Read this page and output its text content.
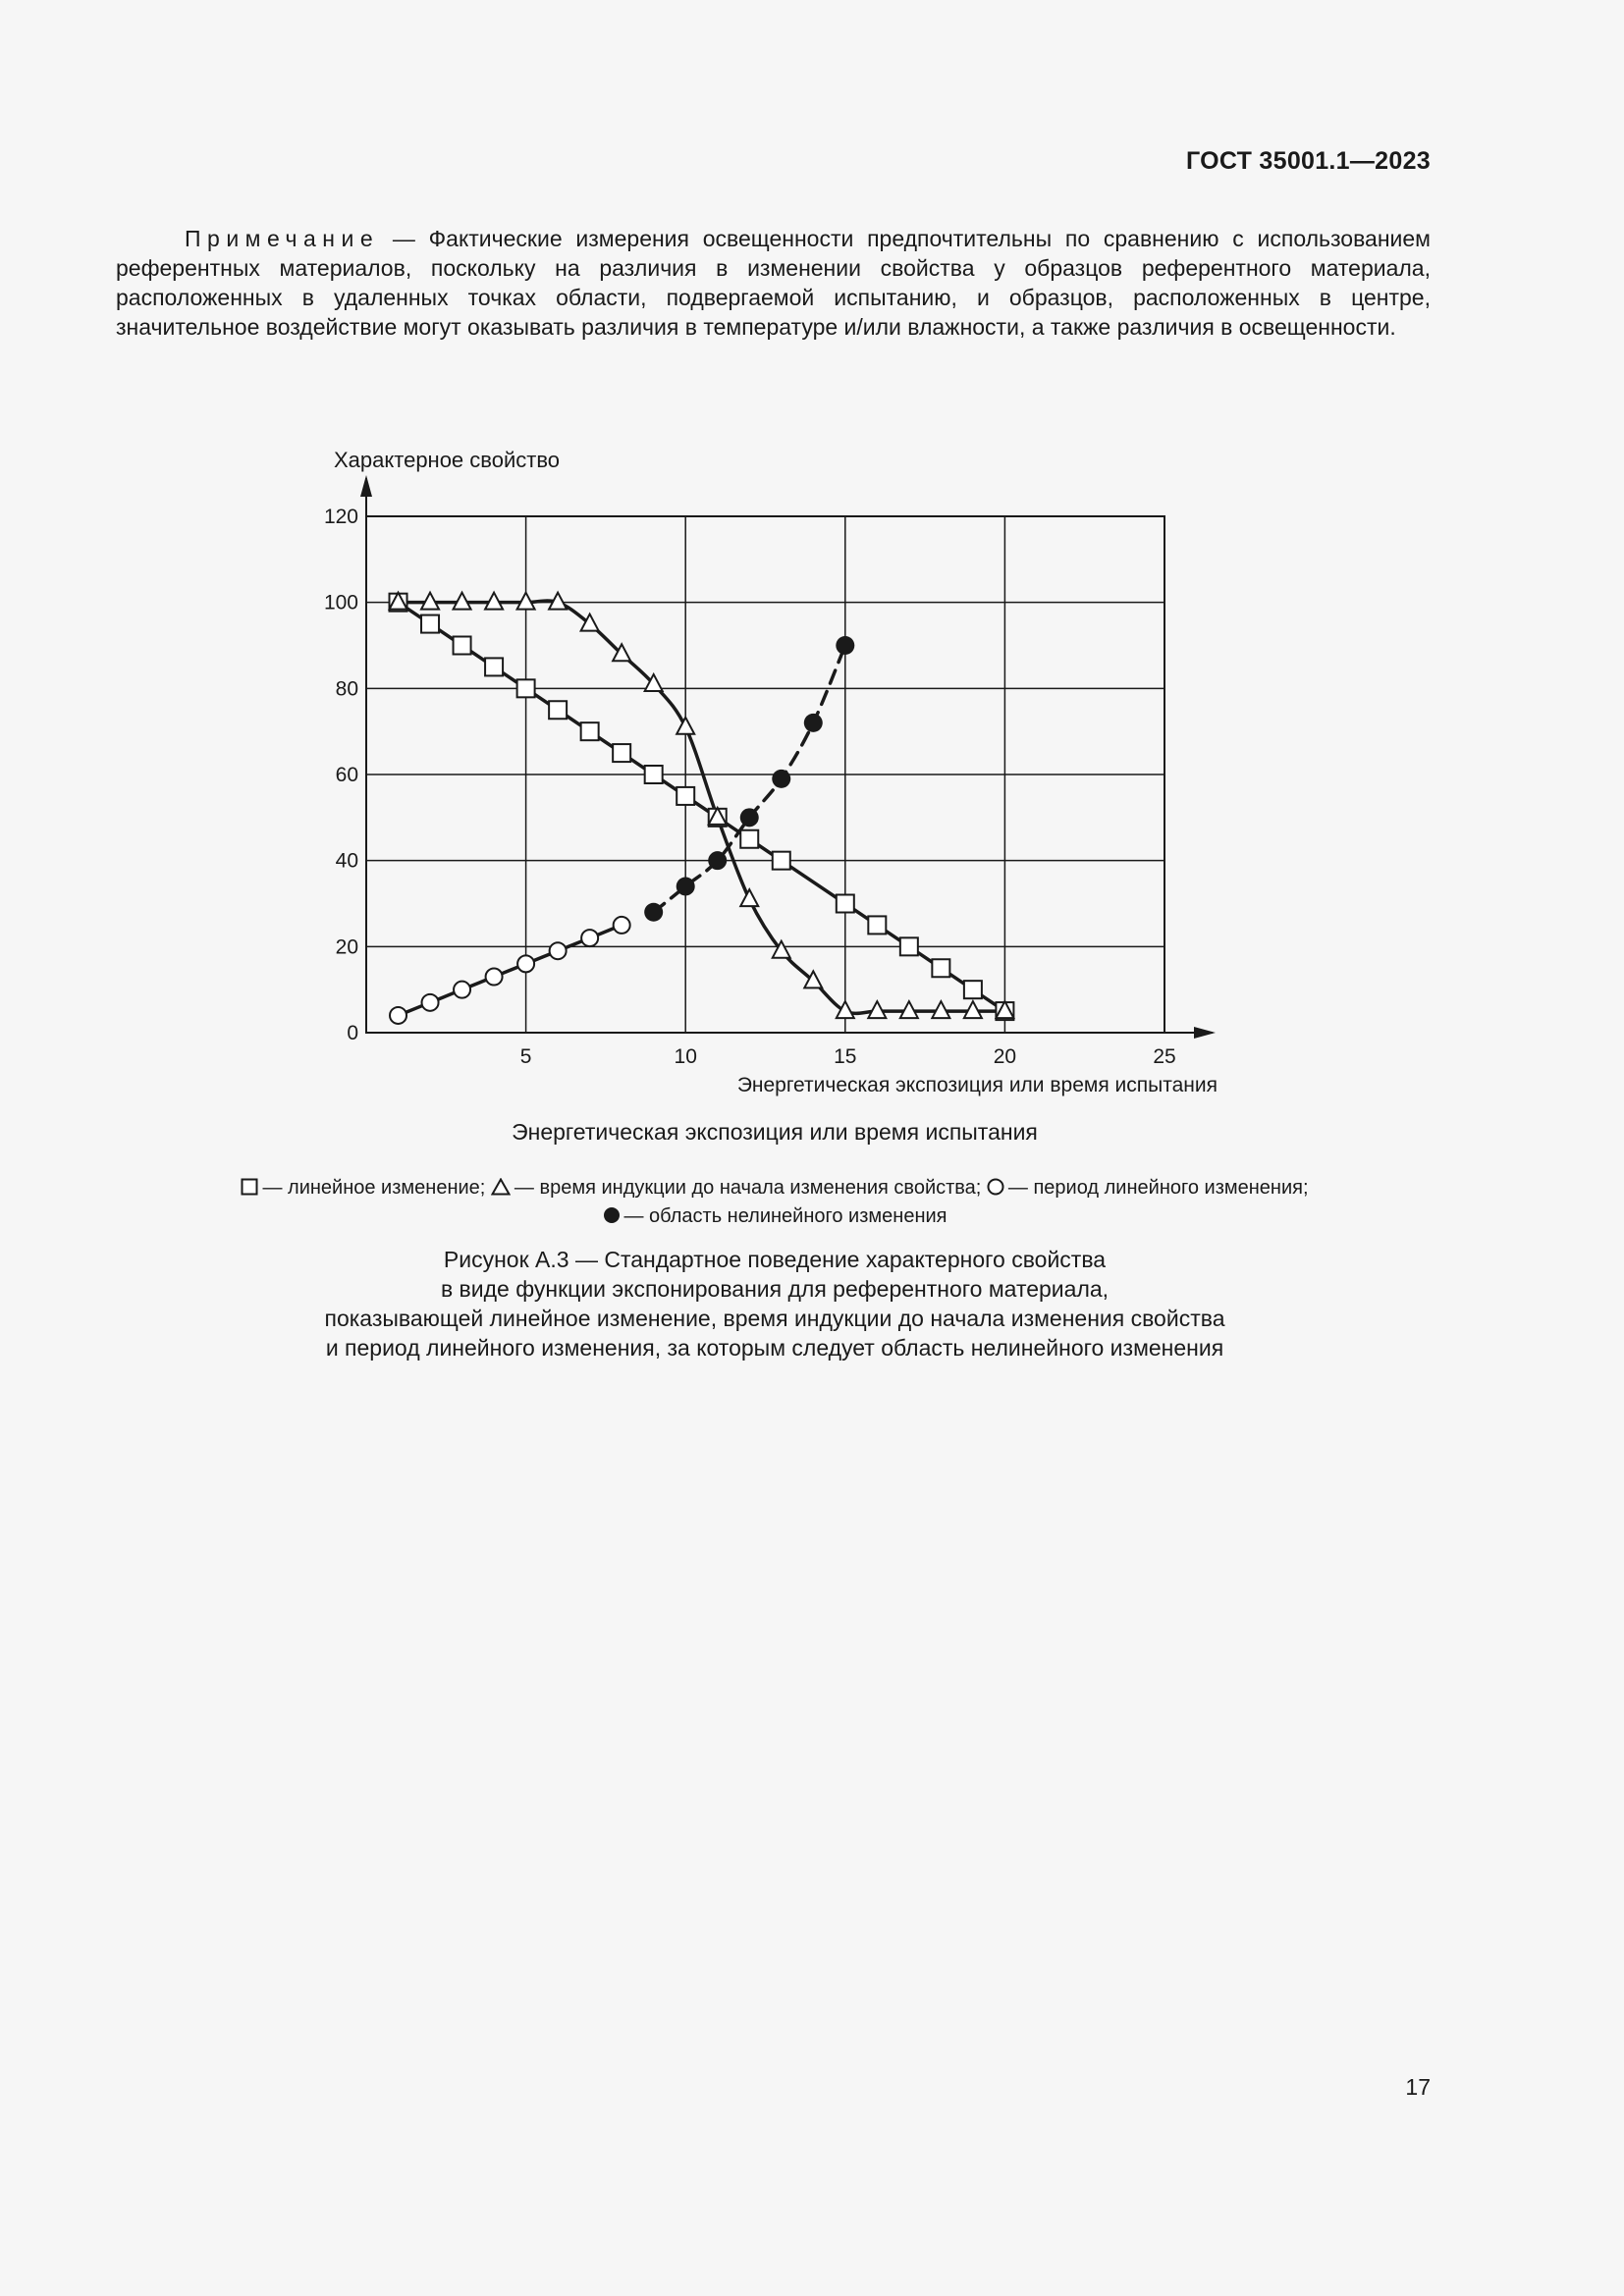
ГОСТ 35001.1—2023
Примечание — Фактические измерения освещенности предпочтительны по сравнению с использованием референтных материалов, поскольку на различия в изменении свойства у образцов референтного материала, расположенных в удаленных точках области, подвергаемой испытанию, и образцов, расположенных в центре, значительное воздействие могут оказывать различия в температуре и/или влажности, а также различия в освещенности.
0
20
40
60
80
100
120
5	10	15	20	25
Характерное свойство
Энергетическая экспозиция или время испытания
Энергетическая экспозиция или время испытания
— линейное изменение; — время индукции до начала изменения свойства; — период линейного изменения;
— область нелинейного изменения
Рисунок А.3 — Стандартное поведение характерного свойства
в виде функции экспонирования для референтного материала,
показывающей линейное изменение, время индукции до начала изменения свойства
и период линейного изменения, за которым следует область нелинейного изменения
17
